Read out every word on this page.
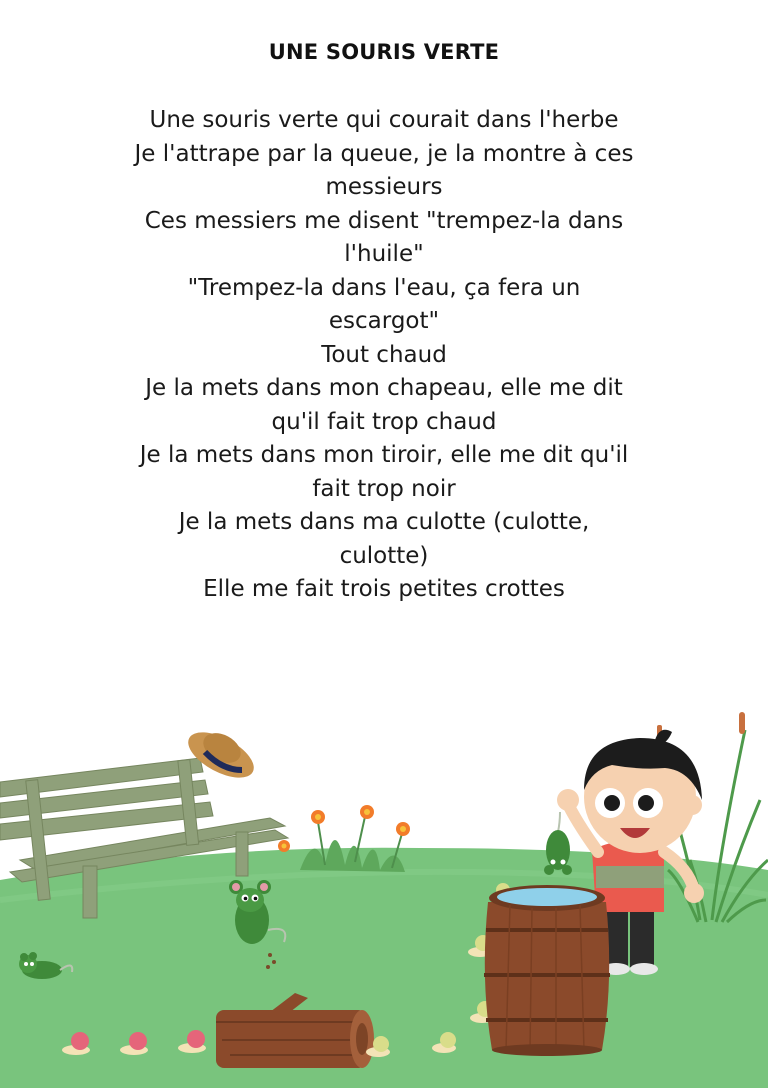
UNE SOURIS VERTE
Une souris verte qui courait dans l'herbe
Je l'attrape par la queue, je la montre à ces messieurs
Ces messiers me disent "trempez-la dans l'huile"
"Trempez-la dans l'eau, ça fera un escargot"
Tout chaud
Je la mets dans mon chapeau, elle me dit qu'il fait trop chaud
Je la mets dans mon tiroir, elle me dit qu'il fait trop noir
Je la mets dans ma culotte (culotte, culotte)
Elle me fait trois petites crottes
